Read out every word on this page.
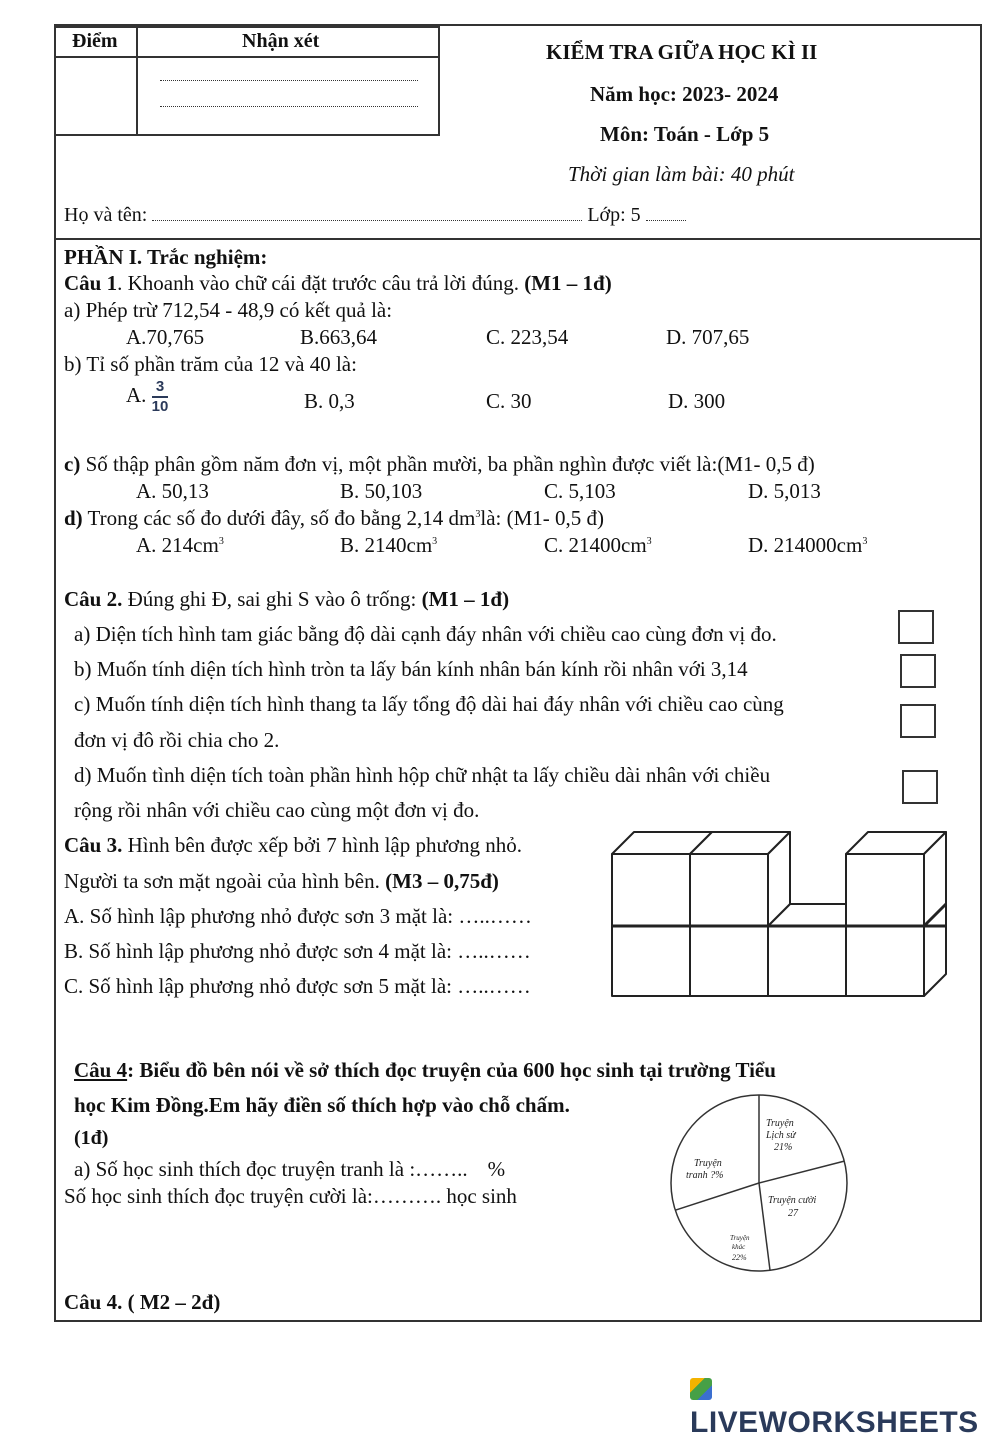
Điểm	Nhận xét	KIỂM TRA GIỮA HỌC KÌ II
Năm học: 2023- 2024
Môn: Toán - Lớp 5
Thời gian làm bài: 40 phút
Họ và tên:	Lớp: 5
PHẦN I. Trắc nghiệm:
Câu 1. Khoanh vào chữ cái đặt trước câu trả lời đúng. (M1 – 1đ)
a) Phép trừ 712,54 - 48,9 có kết quả là:
A.70,765	B.663,64	C. 223,54	D. 707,65
b) Tỉ số phần trăm của 12 và 40 là:
A. $\frac{3}{10}$	B. 0,3	C. 30	D. 300
c) Số thập phân gồm năm đơn vị, một phần mười, ba phần nghìn được viết là:(M1- 0,5 đ)
A. 50,13	B. 50,103	C. 5,103	D. 5,013
d) Trong các số đo dưới đây, số đo bằng 2,14 $dm^3là$: (M1- 0,5 đ)
A. $214cm^3$	B. $2140cm^3$	C. $21400cm^3$	D. $214000cm^3$
Câu 2. Đúng ghi Đ, sai ghi S vào ô trống: (M1 – 1đ)
a) Diện tích hình tam giác bằng độ dài cạnh đáy nhân với chiều cao cùng đơn vị đo.
b) Muốn tính diện tích hình tròn ta lấy bán kính nhân bán kính rồi nhân với 3,14
c) Muốn tính diện tích hình thang ta lấy tổng độ dài hai đáy nhân với chiều cao cùng
đơn vị đô rồi chia cho 2.
d) Muốn tình diện tích toàn phần hình hộp chữ nhật ta lấy chiều dài nhân với chiều
rộng rồi nhân với chiều cao cùng một đơn vị đo.
Câu 3. Hình bên được xếp bởi 7 hình lập phương nhỏ.
Người ta sơn mặt ngoài của hình bên. (M3 – 0,75đ)
A. Số hình lập phương nhỏ được sơn 3 mặt là: …..……
B. Số hình lập phương nhỏ được sơn 4 mặt là: …..……
C. Số hình lập phương nhỏ được sơn 5 mặt là: …..……
Câu 4: Biểu đồ bên nói về sở thích đọc truyện của 600 học sinh tại trường Tiểu
học Kim Đồng.Em hãy điền số thích hợp vào chỗ chấm.
(1đ)
a) Số học sinh thích đọc truyện tranh là :…….. %
Số học sinh thích đọc truyện cười là:………. học sinh
Truyện
Lịch sử
21%
Truyện cười
27
Truyện
khác
22%
Truyện
tranh ?%
Câu 4. ( M2 – 2đ)
LIVEWORKSHEETS
